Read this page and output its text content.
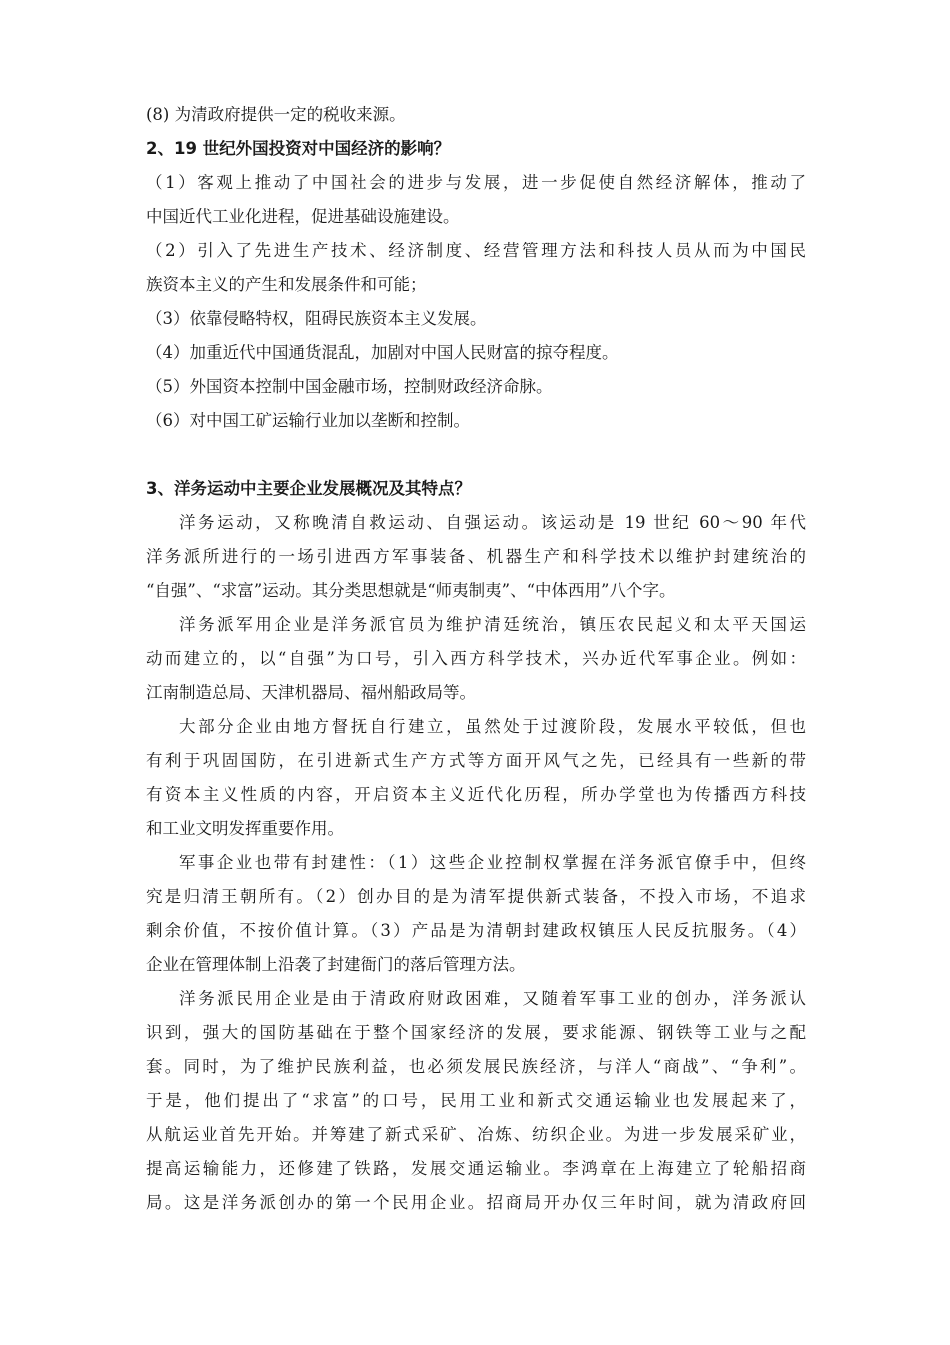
(8) 为清政府提供一定的税收来源。
2、19 世纪外国投资对中国经济的影响？
（1）客观上推动了中国社会的进步与发展，进一步促使自然经济解体，推动了
中国近代工业化进程，促进基础设施建设。
（2）引入了先进生产技术、经济制度、经营管理方法和科技人员从而为中国民
族资本主义的产生和发展条件和可能；
（3）依靠侵略特权，阻碍民族资本主义发展。
（4）加重近代中国通货混乱，加剧对中国人民财富的掠夺程度。
（5）外国资本控制中国金融市场，控制财政经济命脉。
（6）对中国工矿运输行业加以垄断和控制。
3、洋务运动中主要企业发展概况及其特点？
洋务运动，又称晚清自救运动、自强运动。该运动是 19 世纪 60～90 年代
洋务派所进行的一场引进西方军事装备、机器生产和科学技术以维护封建统治的
“自强”、“求富”运动。其分类思想就是“师夷制夷”、“中体西用”八个字。
洋务派军用企业是洋务派官员为维护清廷统治，镇压农民起义和太平天国运
动而建立的，以“自强”为口号，引入西方科学技术，兴办近代军事企业。例如：
江南制造总局、天津机器局、福州船政局等。
大部分企业由地方督抚自行建立，虽然处于过渡阶段，发展水平较低，但也
有利于巩固国防，在引进新式生产方式等方面开风气之先，已经具有一些新的带
有资本主义性质的内容，开启资本主义近代化历程，所办学堂也为传播西方科技
和工业文明发挥重要作用。
军事企业也带有封建性：（1）这些企业控制权掌握在洋务派官僚手中，但终
究是归清王朝所有。（2）创办目的是为清军提供新式装备，不投入市场，不追求
剩余价值，不按价值计算。（3）产品是为清朝封建政权镇压人民反抗服务。（4）
企业在管理体制上沿袭了封建衙门的落后管理方法。
洋务派民用企业是由于清政府财政困难，又随着军事工业的创办，洋务派认
识到，强大的国防基础在于整个国家经济的发展，要求能源、钢铁等工业与之配
套。同时，为了维护民族利益，也必须发展民族经济，与洋人“商战”、“争利”。
于是，他们提出了“求富”的口号，民用工业和新式交通运输业也发展起来了，
从航运业首先开始。并筹建了新式采矿、冶炼、纺织企业。为进一步发展采矿业，
提高运输能力，还修建了铁路，发展交通运输业。李鸿章在上海建立了轮船招商
局。这是洋务派创办的第一个民用企业。招商局开办仅三年时间，就为清政府回
